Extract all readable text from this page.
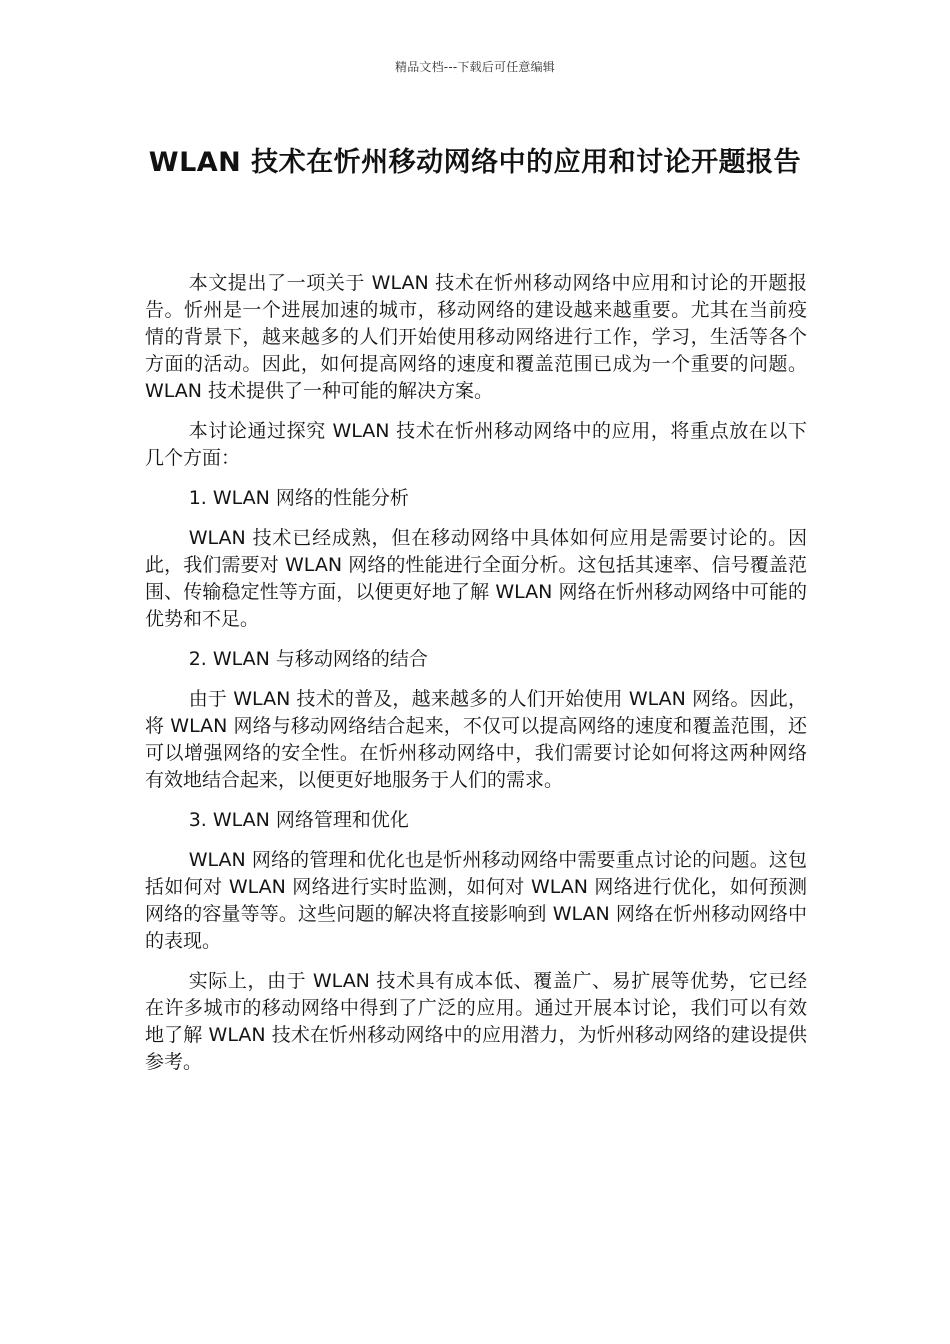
精品文档---下载后可任意编辑
WLAN 技术在忻州移动网络中的应用和讨论开题报告

本文提出了一项关于 WLAN 技术在忻州移动网络中应用和讨论的开题报告。忻州是一个进展加速的城市，移动网络的建设越来越重要。尤其在当前疫情的背景下，越来越多的人们开始使用移动网络进行工作，学习，生活等各个方面的活动。因此，如何提高网络的速度和覆盖范围已成为一个重要的问题。WLAN 技术提供了一种可能的解决方案。

本讨论通过探究 WLAN 技术在忻州移动网络中的应用，将重点放在以下几个方面：

1. WLAN 网络的性能分析

WLAN 技术已经成熟，但在移动网络中具体如何应用是需要讨论的。因此，我们需要对 WLAN 网络的性能进行全面分析。这包括其速率、信号覆盖范围、传输稳定性等方面，以便更好地了解 WLAN 网络在忻州移动网络中可能的优势和不足。

2. WLAN 与移动网络的结合

由于 WLAN 技术的普及，越来越多的人们开始使用 WLAN 网络。因此，将 WLAN 网络与移动网络结合起来，不仅可以提高网络的速度和覆盖范围，还可以增强网络的安全性。在忻州移动网络中，我们需要讨论如何将这两种网络有效地结合起来，以便更好地服务于人们的需求。

3. WLAN 网络管理和优化

WLAN 网络的管理和优化也是忻州移动网络中需要重点讨论的问题。这包括如何对 WLAN 网络进行实时监测，如何对 WLAN 网络进行优化，如何预测网络的容量等等。这些问题的解决将直接影响到 WLAN 网络在忻州移动网络中的表现。

实际上，由于 WLAN 技术具有成本低、覆盖广、易扩展等优势，它已经在许多城市的移动网络中得到了广泛的应用。通过开展本讨论，我们可以有效地了解 WLAN 技术在忻州移动网络中的应用潜力，为忻州移动网络的建设提供参考。
